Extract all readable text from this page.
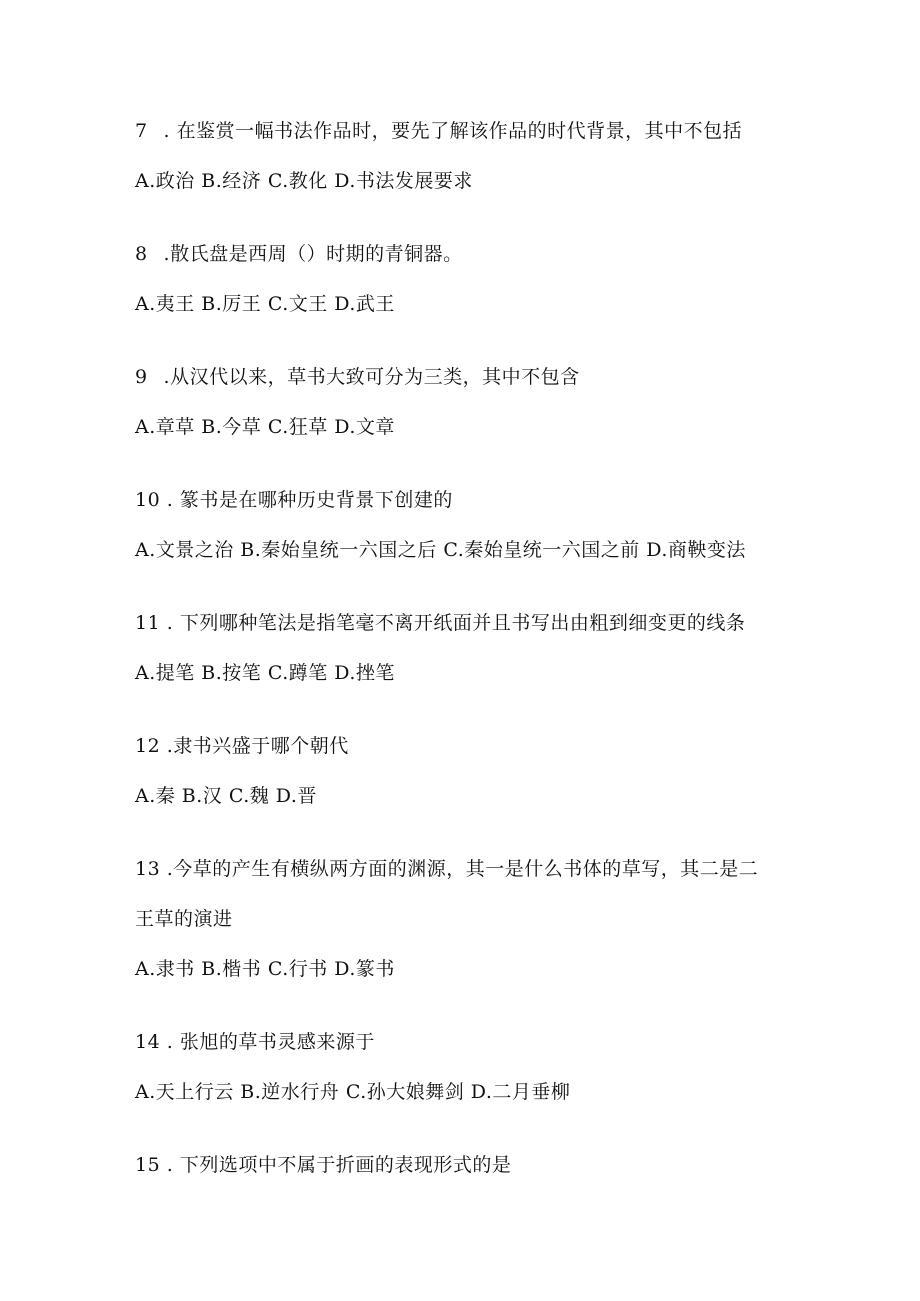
7 . 在鉴赏一幅书法作品时，要先了解该作品的时代背景，其中不包括
A.政治 B.经济 C.教化 D.书法发展要求
8 .散氏盘是西周（）时期的青铜器。
A.夷王 B.厉王 C.文王 D.武王
9 .从汉代以来，草书大致可分为三类，其中不包含
A.章草 B.今草 C.狂草 D.文章
10 . 篆书是在哪种历史背景下创建的
A.文景之治 B.秦始皇统一六国之后 C.秦始皇统一六国之前 D.商鞅变法
11 . 下列哪种笔法是指笔毫不离开纸面并且书写出由粗到细变更的线条
A.提笔 B.按笔 C.蹲笔 D.挫笔
12 .隶书兴盛于哪个朝代
A.秦 B.汉 C.魏 D.晋
13 .今草的产生有横纵两方面的渊源，其一是什么书体的草写，其二是二
王草的演进
A.隶书 B.楷书 C.行书 D.篆书
14 . 张旭的草书灵感来源于
A.天上行云 B.逆水行舟 C.孙大娘舞剑 D.二月垂柳
15 . 下列选项中不属于折画的表现形式的是
